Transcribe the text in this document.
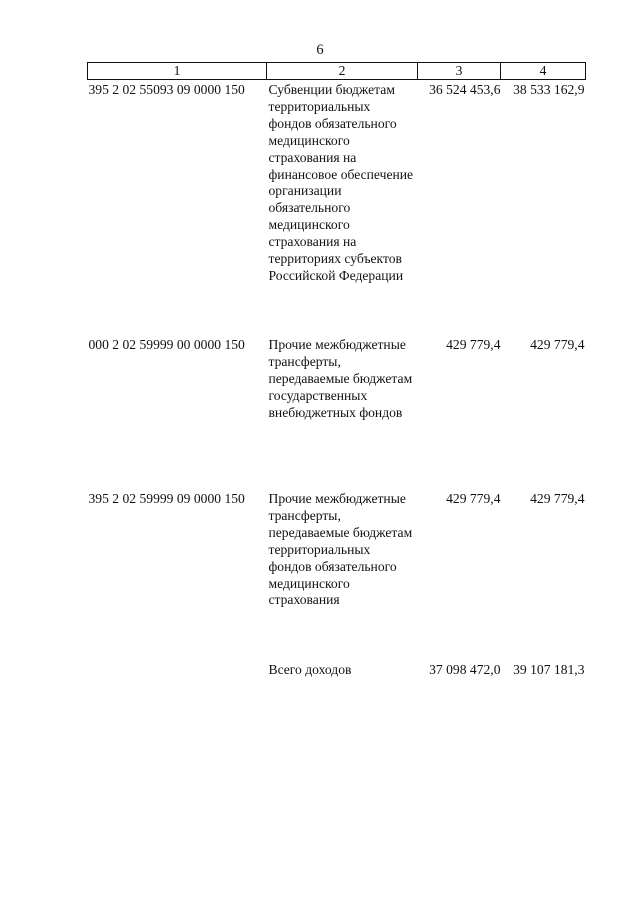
6
1	2	3	4
395 2 02 55093 09 0000 150	Субвенции бюджетам территориальных фондов обязательного медицинского страхования на финансовое обеспечение организации обязательного медицинского страхования на территориях субъектов Российской Федерации	36 524 453,6	38 533 162,9
000 2 02 59999 00 0000 150	Прочие межбюджетные трансферты, передаваемые бюджетам государственных внебюджетных фондов	429 779,4	429 779,4
395 2 02 59999 09 0000 150	Прочие межбюджетные трансферты, передаваемые бюджетам территориальных фондов обязательного медицинского страхования	429 779,4	429 779,4
	Всего доходов	37 098 472,0	39 107 181,3
